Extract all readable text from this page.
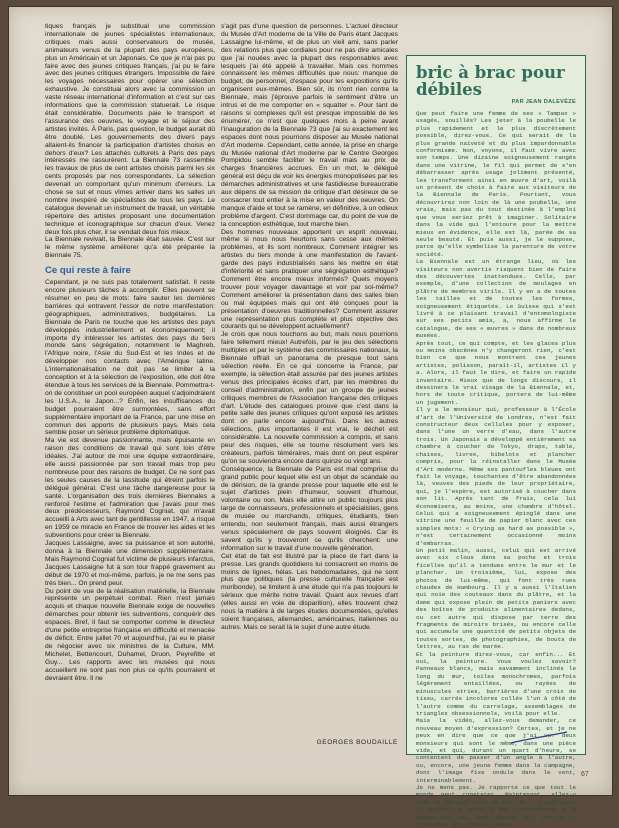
tiques français je substitual une commission internationale de jeunes spécialistes internationaux, critiques mais aussi conservateurs de musée, animateurs venus de la plupart des pays européens, plus un Américain et un Japonais. Ce que je n'ai pas pu faire avec des jeunes critiques français, j'ai pu le faire avec des jeunes critiques étrangers. Impossible de faire les voyages nécessaires pour opérer une sélection exhaustive. Je constituai alors avec la commission un vaste réseau international d'information et c'est sur ces informations que la commission statuerait. Le risque était considérable. Documents paie le transport et l'assurance des oeuvres, le voyage et le séjour des artistes invités. À Paris, pas question, le budget aurait dû être doublé. Les gouvernements des divers pays allaient-ils financer la participation d'artistes choisis en dehors d'eux? Les attachés culturels à Paris des pays intéressés me rassurèrent. La Biennale 73 rassemble les travaux de plus de cent artistes choisis parmi les six cents proposés par nos correspondants. La sélection devenait un comportant qu'un minimum d'erreurs. La chose se sut et nous vîmes arriver dans les salles un nombre inespéré de spécialistes de tous les pays. Le catalogue devenait un instrument de travail, un véritable répertoire des artistes proposant une documentation technique et iconographique sur chacun d'eux. Venez deux fois plus cher, il se vendait deux fois mieux.

La Biennale revivait, la Biennale était sauvée. C'est sur le même système améliorer qu'a été préparée la Biennale 75.

Ce qui reste à faire

Cependant, je ne suis pas totalement satisfait. Il reste encore plusieurs tâches à accomplir. Elles peuvent se résumer en peu de mots: faire sauter les dernières barrières qui entravent l'essor de notre manifestation: géographiques, administratives, budgétaires. La Biennale de Paris ne touche que les artistes des pays développés industriellement et économiquement; il importe d'y intéresser les artistes des pays du tiers monde sans ségrégation, notamment le Maghreb, l'Afrique noire, l'Asie du Sud-Est et les Indes et de développer nos contacts avec l'Amérique latine. L'internationalisation ne doit pas se limiter à la conception et à la sélection de l'exposition, elle doit être étendue à tous les services de la Biennale. Pommettra-t-on de constituer un pool européen auquel s'adjoindraient les U.S.A., le Japon...? Enfin, les insuffisances du budget pourraient être surmontées, sans effort supplémentaire important de la France, par une mise en commun des apports de plusieurs pays. Mais cela semble poser un sérieux problème diplomatique.

Ma vie est devenue passionnante, mais épuisante en raison des conditions de travail qui sont loin d'être idéales. J'ai autour de moi une équipe extraordinaire, elle aussi passionnée par son travail mais trop peu nombreuse pour des raisons de budget. Ce ne sont pas les seules causes de la lassitude qui étreint parfois le délégué général. C'est une tâche dangereuse pour la santé. L'organisation des trois dernières Biennales a renforcé l'estime et l'admiration que j'avais pour mes deux prédécesseurs, Raymond Cogniat, qui m'avait accueilli à Arts avec tant de gentillesse en 1947, a risqué en 1959 ce miracle en France de trouver les aides et les subventions pour créer la Biennale.

Jacques Lassaigne, avec sa puissance et son autorité, donna à la Biennale une dimension supplémentaire. Mais Raymond Cogniat fut victime de plusieurs infarctus, Jacques Lassaigne fut à son tour frappé gravement au début de 1970 et moi-même, parfois, je ne me sens pas très bien... On prend peur.

Du point de vue de la réalisation matérielle, la Biennale représente un perpétuel combat. Rien n'est jamais acquis et chaque nouvelle Biennale exige de nouvelles démarches pour obtenir les subventions, conquérir des espaces. Bref, il faut se comporter comme le directeur d'une petite entreprise française en difficulté et menacée de déficit. Entre juillet 70 et aujourd'hui, j'ai eu le plaisir de négocier avec six ministres de la Culture, MM. Michelet, Bettencourt, Duhamel, Druon, Peyrefitte et Guy... Les rapports avec les musées qui nous accueillent ne sont pas non plus ce qu'ils pourraient et devraient être. Il ne

s'agit pas d'une question de personnes. L'actuel directeur du Musée d'Art moderne de la Ville de Paris étant Jacques Lassaigne lui-même, et de plus un vieil ami, sans parler des relations plus que cordiales pour ne pas dire amicales que j'ai nouées avec la plupart des responsables avec lesquels j'ai été appelé à travailler. Mais ces hommes connaissent les mêmes difficultés que nous: manque de budget, de personnel, d'espace pour les expositions qu'ils organisent eux-mêmes. Bien sûr, ils n'ont rien contre la Biennale, mais j'éprouve parfois le sentiment d'être un intrus et de me comporter en « squatter ». Pour tant de raisons si complexes qu'il est presque impossible de les énumérer, ce n'est que quelques mois à peine avant l'inauguration de la Biennale 73 que j'ai su exactement les espaces dont nous pourrions disposer au Musée national d'Art moderne. Cependant, cette année, la prise en charge du Musée national d'Art moderne par le Centre Georges Pompidou semble faciliter le travail mais au prix de charges financières accrues. En un mot, le délégué général est déçu de voir les énergies monopolisées par les démarches administratives et une fastidieuse bureaucratie aux dépens de sa mission de critique d'art désireux de se consacrer tout entier à la mise en valeur des oeuvres. On manque d'aide et tout se ramène, en définitive, à un odieux problème d'argent. C'est dommage car, du point de vue de la conception esthétique, tout marche bien.

Des hommes nouveaux apportent un esprit nouveau, même si nous nous heurtons sans cesse aux mêmes problèmes, et ils sont nombreux. Comment intégrer les artistes du tiers monde à une manifestation de l'avant-garde des pays industrialisés sans les mettre en état d'infériorité et sans pratiquer une ségrégation esthétique? Comment être encore mieux informés? Quels moyens trouver pour voyager davantage et voir par soi-même? Comment améliorer la présentation dans des salles bien ou mal équipées mais qui ont été conçues pour la présentation d'oeuvres traditionnelles? Comment assurer une représentation plus complète et plus objective des courants qui se développent actuellement?

Je crois que nous touchons au but, mais nous pourrions faire tellement mieux! Autrefois, par le jeu des sélections multiples et par le système des commissaires nationaux, la Biennale offrait un panorama de presque tout sans sélection réelle. En ce qui concerne la France, par exemple, la sélection était assurée par des jeunes artistes venus des principales écoles d'art, par les membres du conseil d'administration, enfin par un groupe de jeunes critiques membres de l'Association française des critiques d'art. L'étude des catalogues prouve que c'est dans la petite salle des jeunes critiques qu'ont exposé les artistes dont on parle encore aujourd'hui. Dans les autres sélections, plus importantes il est vrai, le déchet est considérable. La nouvelle commission a compris, et sans peur des risques, elle se tourne résolument vers les créateurs, parfois téméraires, mais dont on peut espérer qu'on se souviendra encore dans quinze ou vingt ans.

Conséquence, la Biennale de Paris est mal comprise du grand public pour lequel elle est un objet de scandale ou de dérision, de la grande presse pour laquelle elle est le sujet d'articles plein d'humeur, souvent d'humour, volontaire ou non. Mais elle attire un public toujours plus large de connaisseurs, professionnels et spécialistes, gens de musée ou marchands, critiques, étudiants, bien entendu, non seulement français, mais aussi étrangers venus spécialement de pays souvent éloignés. Car ils savent qu'ils y trouveront ce qu'ils cherchent: une information sur le travail d'une nouvelle génération.

Cet état de fait est illustré par la place de l'art dans la presse. Les grands quotidiens lui consacrent en moins de moins de lignes, hélas. Les hebdomadaires, qui ne sont plus que politiques (la presse culturelle française est moribonde), se limitent à une étude qui n'a pas toujours le sérieux que mérite notre travail. Quant aux revues d'art (elles aussi en voie de disparition), elles trouvent chez nous la matière à de larges études documentées, qu'elles soient françaises, allemandes, américaines, italiennes ou autres. Mais ce serait là le sujet d'une autre étude.

GEORGES BOUDAILLE
bric à brac pour débiles
PAR JEAN DALEVÈZE

Que peut faire une femme de ses « Tampax » usagés, souillés? Les jeter à la poubelle le plus rapidement et le plus discrètement possible, direz-vous. Ce qui serait de la plus grande naïveté et du plus impardonnable conformisme. Non, voyons, il faut vivre avec son temps. Une dizaine soigneusement rangés dans une vitrine, le fil qui permet de s'en débarrasser après usage joliment présenté, les transforment ainsi en œuvre d'art, voilà un présent de choix à faire aux visiteurs de la Biennale de Paris. Pourtant, vous découvrirez non loin de là une poubelle, une vraie, mais pas du tout destinée à l'emploi que vous seriez prêt à imaginer. Solitaire dans la vide qui l'entoure pour la mettre mieux en évidence, elle est là, parée de sa seule beauté. Et puis aussi, je le suppose, parce qu'elle symbolise la parenture de votre société.

La Biennale est un étrange lieu, où les visiteurs non avertis risquent bien de faire des découvertes inattendues. Celle, par exemple, d'une collection de moulages en plâtre de membres virils. Il y en a de toutes les tailles et de toutes les formes, soigneusement étiquetés. Le Suisse qui s'est livré à ce plaisant travail d'entomologiste sur ses petits amis, a, nous affirme le catalogue, de ses « œuvres » dans de nombreux musées.

Après tout, ce qui compte, et les glaces plus ou moins obscènes n'y changeront rien, c'est bien ce que nous montrent ces jeunes artistes, polisson, paraît-il, artistes il y a. Alors, il faut le dire, et faire un rapide inventaire. Mieux que de longs discours, il dessinera le vrai visage de la Biennale, et, hors de toute critique, portera de lui-même un jugement.

Il y a le monsieur qui, professeur à l'École d'art de l'Université de Londres, n'est fait constructeur deux cellules pour y exposer, dans l'une un verre d'eau, dans l'autre trois. Un Japonais a développé entièrement sa chambre à coucher de Tokyo, draps, table, chaises, livres, bibelots et plancher compris, pour la réinstaller dans le Musée d'Art moderne. Même ses pantoufles bleues ont fait le voyage, touchantes d'être abandonnées là, veuves des pieds de leur propriétaire, qui, je l'espère, est autorisé à coucher dans son lit. Après tant de frais, cela lui économisera, au moins, une chambre d'hôtel. Celui qui a soigneusement épinglé dans une vitrine une feuille de papier blanc avec ces simples mots: « Crying as hard as possible », n'est certainement occasionné moins d'embarras.

Un petit malin, aussi, celui qui est arrivé avec six clous dans sa poche et trois ficelles qu'il a tendues entre le mur et le plancher. Un troisième, lui, expose des photos de lui-même, qui font très rues chaudes de Hambourg. Il y a aussi l'Italien qui noie des couteaux dans du plâtre, et la dame qui expose plein de petits paniers avec des boîtes de produits alimentaires dedans, ou cet autre qui dispose par terre des fragments de miroirs brisés, ou encore celle qui accumule une quantité de petits objets de toutes sortes, de photographies, de bouts de lettres, au ras de marée.

Et la peinture direz-vous, car enfin... Et oui, la peinture. Vous voulez savoir? Panneaux blancs, mais savamment inclinés le long du mur, toiles monochromes, parfois légèrement entaillées, ou rayées de minuscules stries, barrières d'une croix de tissu, carrés incolores collés l'un à côté de l'autre comme du carrelage, assemblages de triangles obsessionnels, voilà pour elle.

Mais la vidéo, allez-vous demander, ce nouveau moyen d'expression? Certes, et je ne peux en dire que ce que j'ai vu: deux monsieurs qui sont le même, dans une pièce vide, et qui, durant un quart d'heure, se contentent de passer d'un angle à l'autre, ou, encore, une jeune femme dans la campagne, dont l'image fixe ondule dans le vent, interminablement.

Je ne mens pas. Je rapporte ce que tout le monde peut constater. Maintenant, allez-y voir si le cœur vous en dit. Ah!, j'oubliais, un Japonais a installé des électrophones à la queue leu leu, dont chacun dit, chante ou joue pour son propre compte.

67
